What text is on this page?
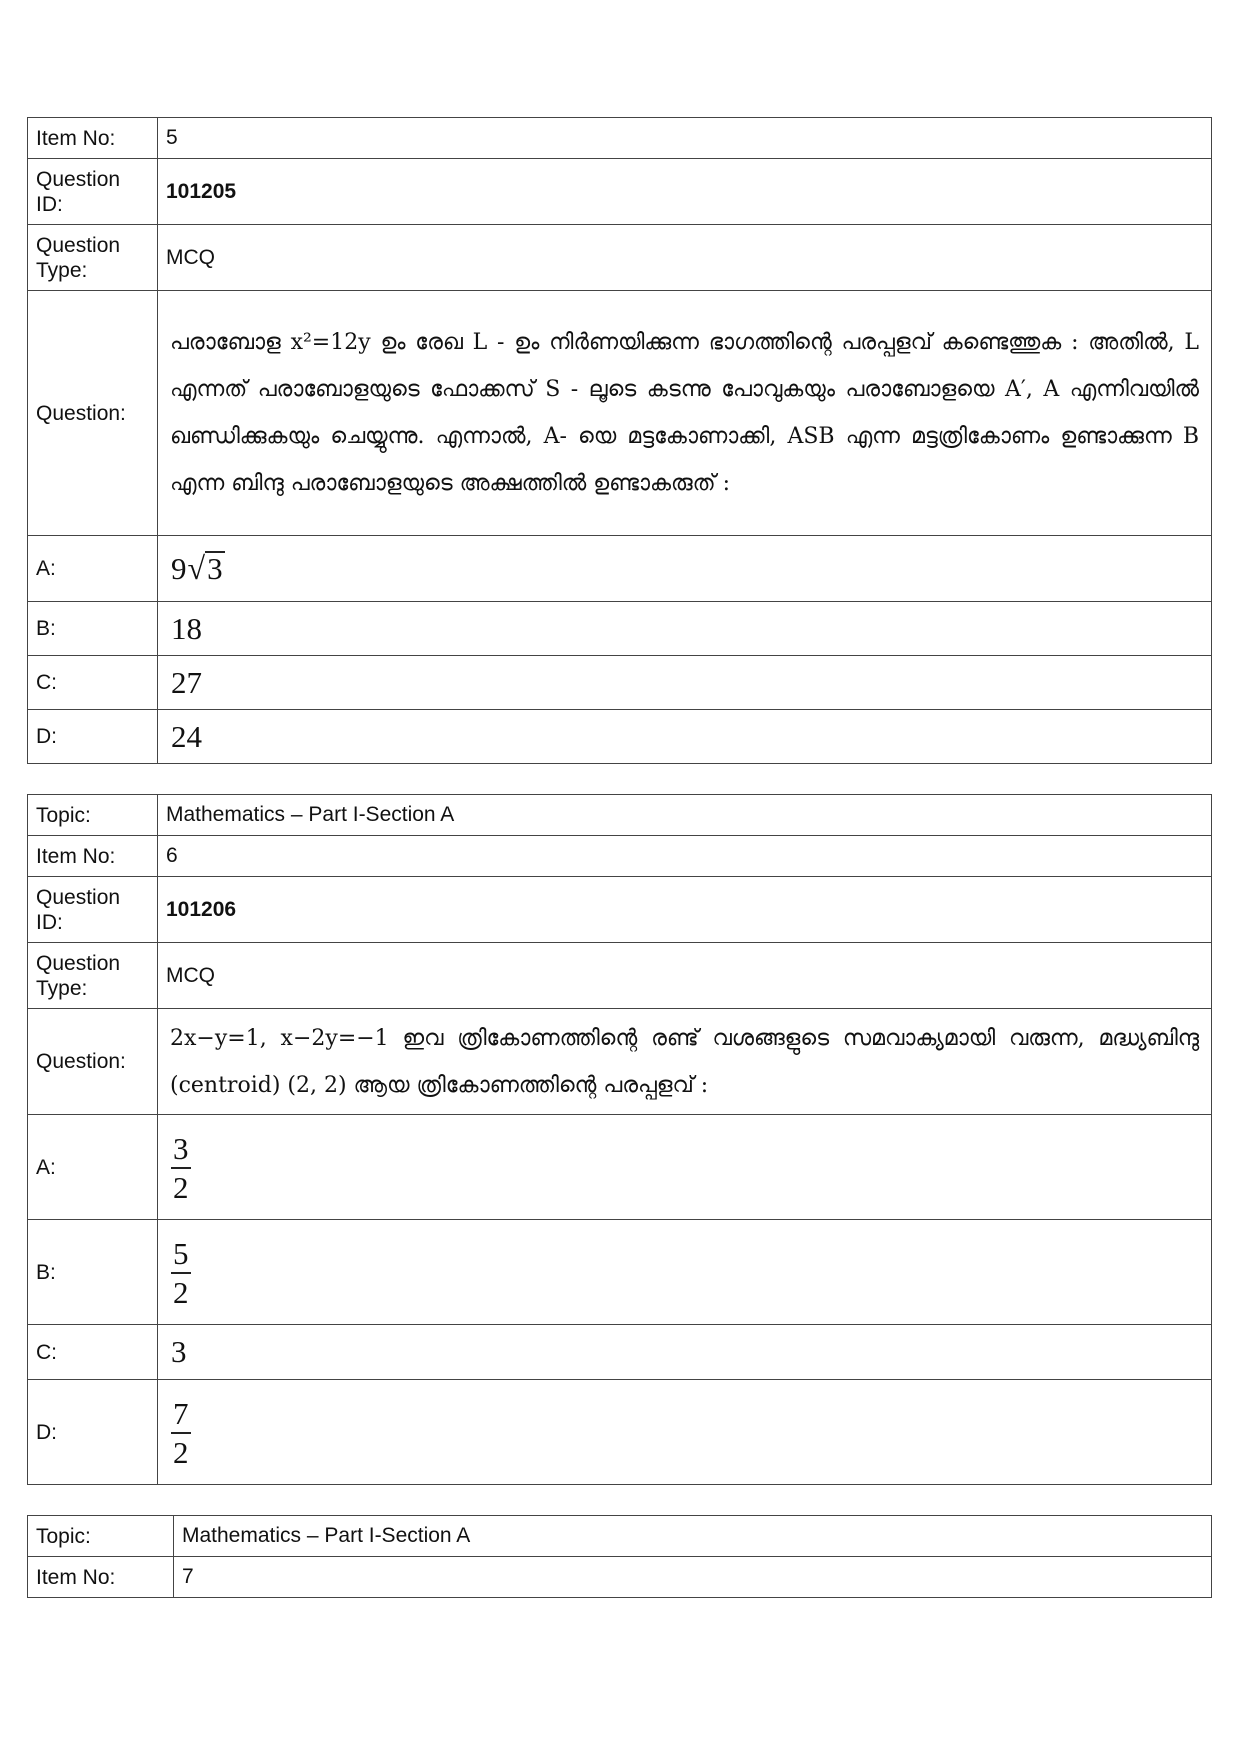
Item No:	5
Question ID:	101205
Question Type:	MCQ
Question:	പരാബോള x²=12y ഉം രേഖ L - ഉം നിർണയിക്കുന്ന ഭാഗത്തിന്റെ പരപ്പളവ് കണ്ടെത്തുക : അതിൽ, L എന്നത് പരാബോളയുടെ ഫോക്കസ് S - ലൂടെ കടന്നു പോവുകയും പരാബോളയെ A′, A എന്നിവയിൽ ഖണ്ഡിക്കുകയും ചെയ്യുന്നു. എന്നാൽ, A- യെ മട്ടകോണാക്കി, ASB എന്ന മട്ടത്രികോണം ഉണ്ടാക്കുന്ന B എന്ന ബിന്ദു പരാബോളയുടെ അക്ഷത്തിൽ ഉണ്ടാകരുത് :
A:	9 √ 3

B:	18
C:	27
D:	24
Topic:	Mathematics – Part I-Section A
Item No:	6
Question ID:	101206
Question Type:	MCQ
Question:	2x−y=1, x−2y=−1 ഇവ ത്രികോണത്തിന്റെ രണ്ട് വശങ്ങളുടെ സമവാക്യമായി വരുന്ന, മദ്ധ്യബിന്ദു (centroid) (2, 2) ആയ ത്രികോണത്തിന്റെ പരപ്പളവ് :
A:	$\frac{3}{2}$

B:	$\frac{5}{2}$

C:	3
D:	$\frac{7}{2}$
Topic:	Mathematics – Part I-Section A
Item No:	7
